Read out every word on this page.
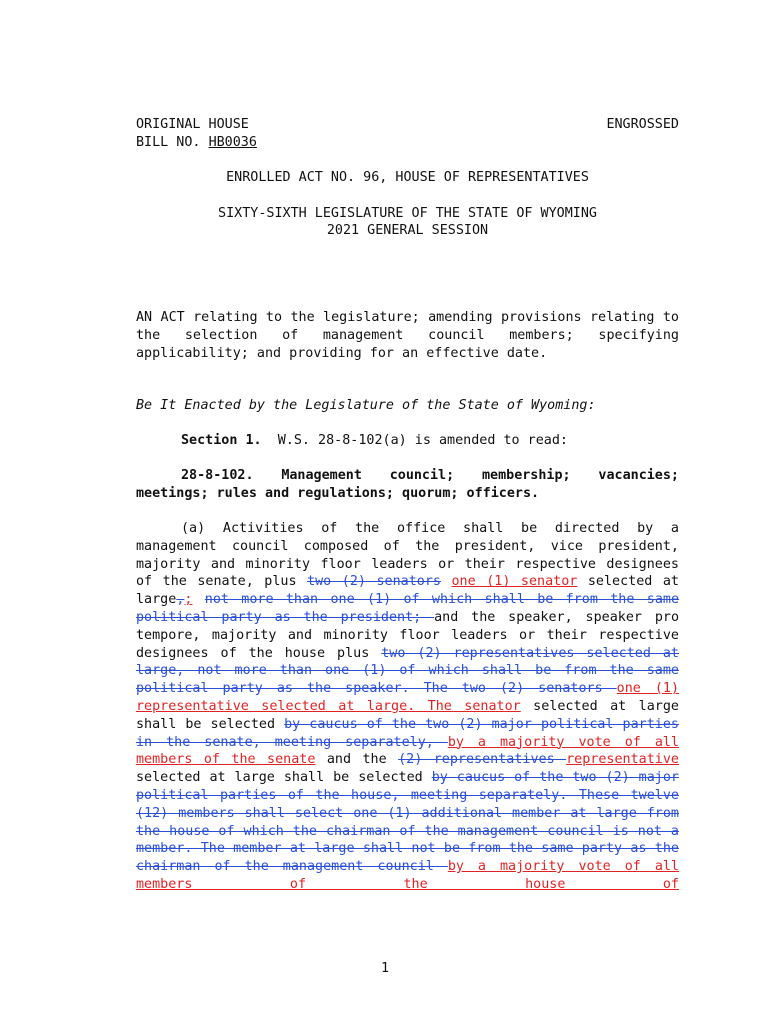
ORIGINAL HOUSE	ENGROSSED
BILL NO. HB0036
ENROLLED ACT NO. 96, HOUSE OF REPRESENTATIVES
SIXTY-SIXTH LEGISLATURE OF THE STATE OF WYOMING
2021 GENERAL SESSION
AN ACT relating to the legislature; amending provisions relating to the selection of management council members; specifying applicability; and providing for an effective date.
Be It Enacted by the Legislature of the State of Wyoming:
Section 1. W.S. 28-8-102(a) is amended to read:
28-8-102. Management council; membership; vacancies; meetings; rules and regulations; quorum; officers.
(a) Activities of the office shall be directed by a management council composed of the president, vice president, majority and minority floor leaders or their respective designees of the senate, plus two (2) senators one (1) senator selected at large,; not more than one (1) of which shall be from the same political party as the president; and the speaker, speaker pro tempore, majority and minority floor leaders or their respective designees of the house plus two (2) representatives selected at large, not more than one (1) of which shall be from the same political party as the speaker. The two (2) senators one (1) representative selected at large. The senator selected at large shall be selected by caucus of the two (2) major political parties in the senate, meeting separately, by a majority vote of all members of the senate and the (2) representatives representative selected at large shall be selected by caucus of the two (2) major political parties of the house, meeting separately. These twelve (12) members shall select one (1) additional member at large from the house of which the chairman of the management council is not a member. The member at large shall not be from the same party as the chairman of the management council by a majority vote of all members of the house of
1
